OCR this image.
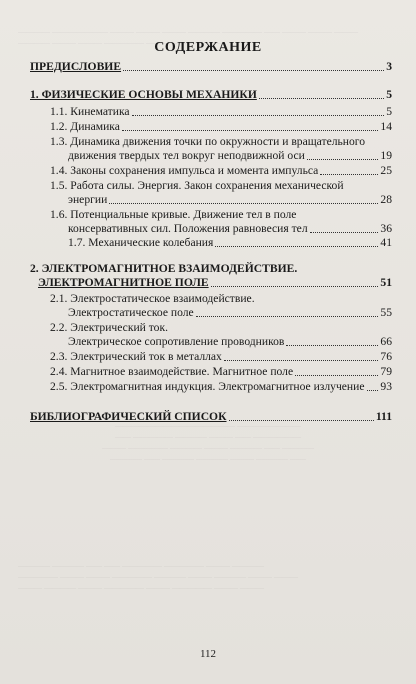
———— ——————— ——— ——— ——— ———— ————— —— ——— ——— ———
———— ——— ——— ————— ——— ———— ——
——————————————— ————————
—— ————— ———— ——— —— ——————
——— ————— ———— ——— ———— —— ————
———— —— ———— ———— ——— ———— ——
———— ———— —— —— ————— ————— ——— ————
————— ——— ——— ————— ———— ——— ———— ——— ———
——— ———— ——— ————— ——— ————— ——— ———
СОДЕРЖАНИЕ
ПРЕДИСЛОВИЕ	3
1. ФИЗИЧЕСКИЕ ОСНОВЫ МЕХАНИКИ	5
1.1. Кинематика	5
1.2. Динамика	14
1.3. Динамика движения точки по окружности и вращательного
движения твердых тел вокруг неподвижной оси	19
1.4. Законы сохранения импульса и момента импульса	25
1.5. Работа силы. Энергия. Закон сохранения механической
энергии	28
1.6. Потенциальные кривые. Движение тел в поле
консервативных сил. Положения равновесия тел	36
1.7. Механические колебания	41
2. ЭЛЕКТРОМАГНИТНОЕ ВЗАИМОДЕЙСТВИЕ.
ЭЛЕКТРОМАГНИТНОЕ ПОЛЕ	51
2.1. Электростатическое взаимодействие.
Электростатическое поле	55
2.2. Электрический ток.
Электрическое сопротивление проводников	66
2.3. Электрический ток в металлах	76
2.4. Магнитное взаимодействие. Магнитное поле	79
2.5. Электромагнитная индукция. Электромагнитное излучение 93
БИБЛИОГРАФИЧЕСКИЙ СПИСОК	111
112
